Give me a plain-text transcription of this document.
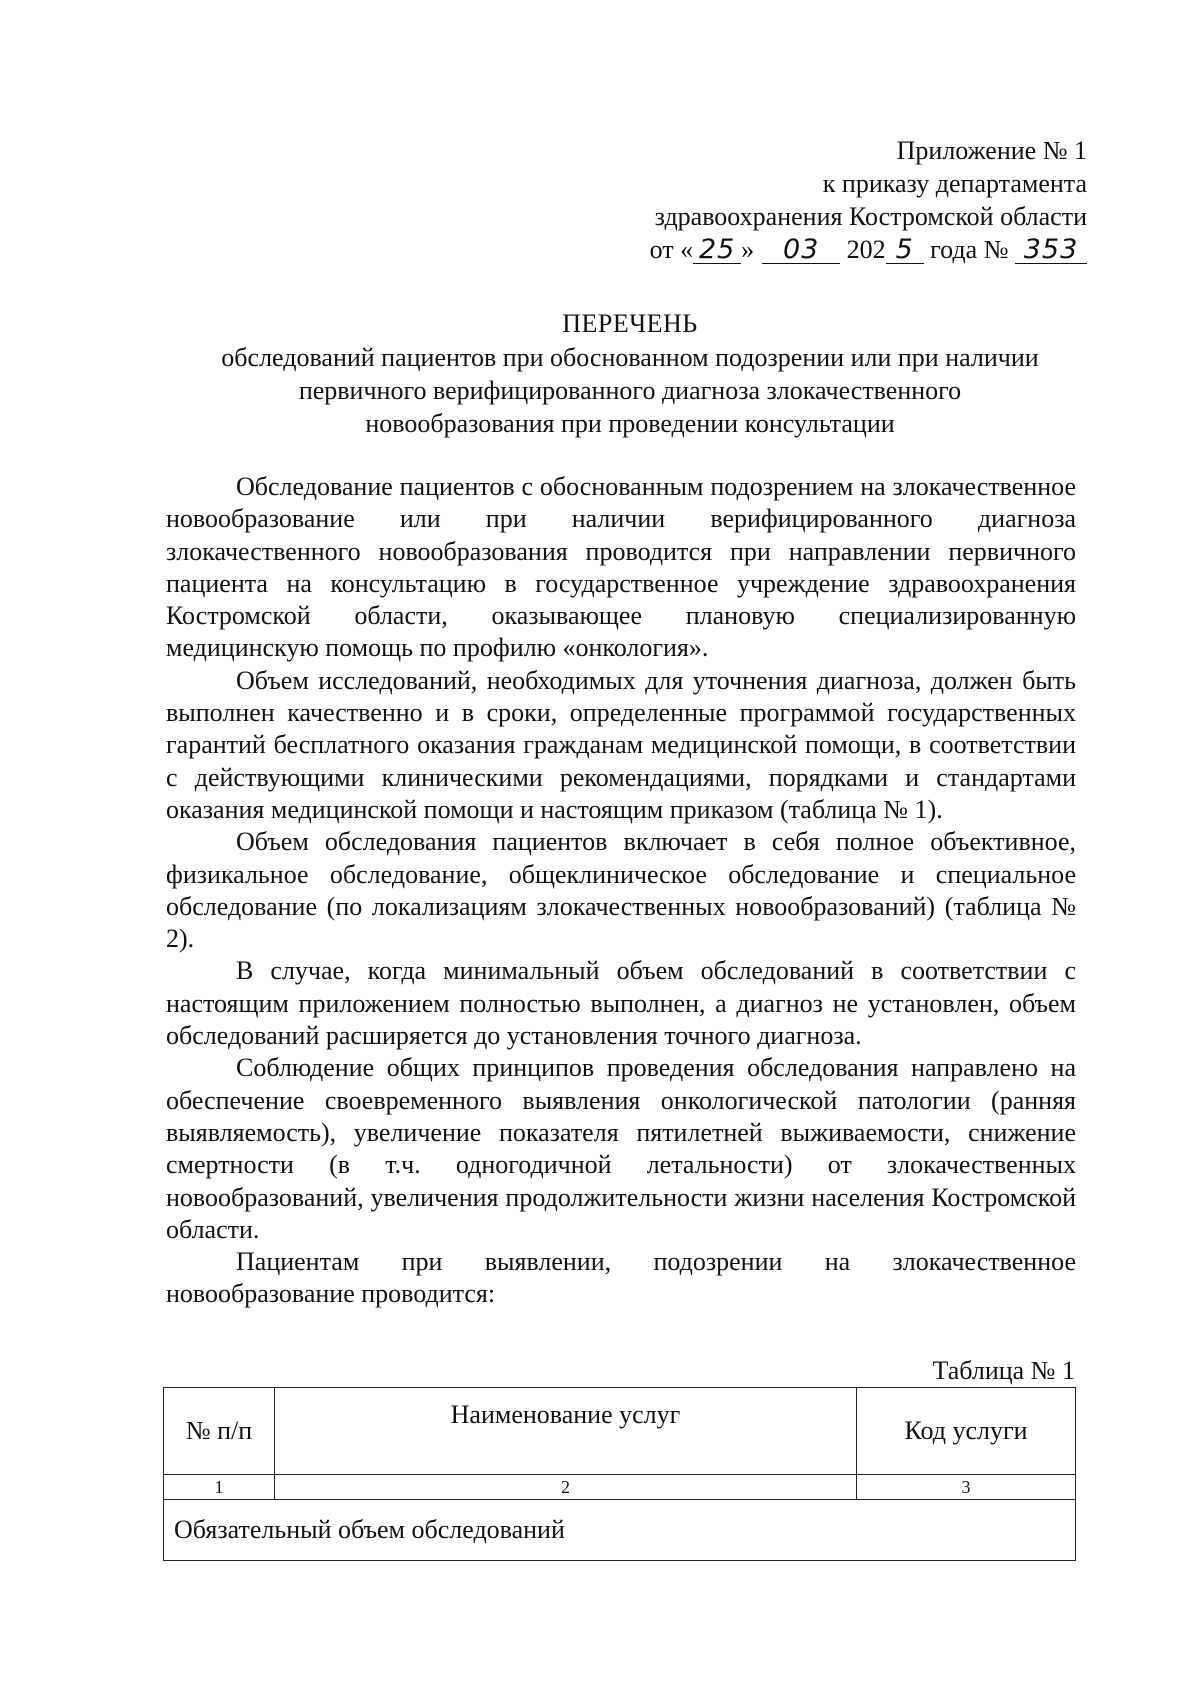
Приложение № 1
к приказу департамента
здравоохранения Костромской области
от « 25 » 03 202 5 года № 353
ПЕРЕЧЕНЬ
обследований пациентов при обоснованном подозрении или при наличии
первичного верифицированного диагноза злокачественного
новообразования при проведении консультации

Обследование пациентов с обоснованным подозрением на злокачественное новообразование или при наличии верифицированного диагноза злокачественного новообразования проводится при направлении первичного пациента на консультацию в государственное учреждение здравоохранения Костромской области, оказывающее плановую специализированную медицинскую помощь по профилю «онкология».

Объем исследований, необходимых для уточнения диагноза, должен быть выполнен качественно и в сроки, определенные программой государственных гарантий бесплатного оказания гражданам медицинской помощи, в соответствии с действующими клиническими рекомендациями, порядками и стандартами оказания медицинской помощи и настоящим приказом (таблица № 1).

Объем обследования пациентов включает в себя полное объективное, физикальное обследование, общеклиническое обследование и специальное обследование (по локализациям злокачественных новообразований) (таблица № 2).

В случае, когда минимальный объем обследований в соответствии с настоящим приложением полностью выполнен, а диагноз не установлен, объем обследований расширяется до установления точного диагноза.

Соблюдение общих принципов проведения обследования направлено на обеспечение своевременного выявления онкологической патологии (ранняя выявляемость), увеличение показателя пятилетней выживаемости, снижение смертности (в т.ч. одногодичной летальности) от злокачественных новообразований, увеличения продолжительности жизни населения Костромской области.

Пациентам при выявлении, подозрении на злокачественное новообразование проводится:

Таблица № 1
№ п/п	Наименование услуг	Код услуги
1	2	3
Обязательный объем обследований		
